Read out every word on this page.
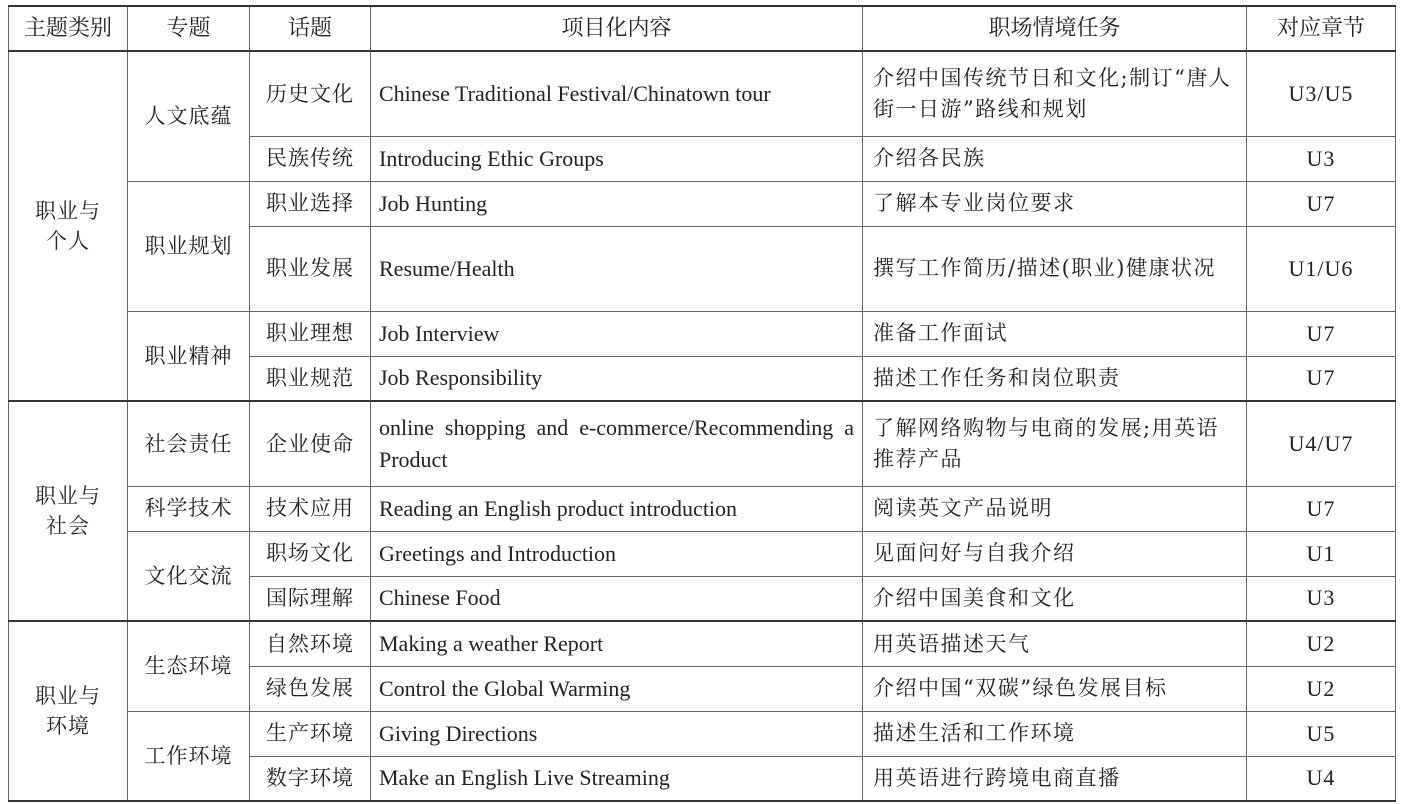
主题类别	专题	话题	项目化内容	职场情境任务	对应章节

职业与
个人	人文底蕴	历史文化	Chinese Traditional Festival/Chinatown tour	介绍中国传统节日和文化;制订“唐人街一日游”路线和规划	U3/U5
		民族传统	Introducing Ethic Groups	介绍各民族	U3
	职业规划	职业选择	Job Hunting	了解本专业岗位要求	U7
		职业发展	Resume/Health	撰写工作简历/描述(职业)健康状况	U1/U6
	职业精神	职业理想	Job Interview	准备工作面试	U7
		职业规范	Job Responsibility	描述工作任务和岗位职责	U7

职业与
社会	社会责任	企业使命	online shopping and e-commerce/Recommending a Product	了解网络购物与电商的发展;用英语推荐产品	U4/U7
	科学技术	技术应用	Reading an English product introduction	阅读英文产品说明	U7
	文化交流	职场文化	Greetings and Introduction	见面问好与自我介绍	U1
		国际理解	Chinese Food	介绍中国美食和文化	U3

职业与
环境	生态环境	自然环境	Making a weather Report	用英语描述天气	U2
		绿色发展	Control the Global Warming	介绍中国“双碳”绿色发展目标	U2
	工作环境	生产环境	Giving Directions	描述生活和工作环境	U5
		数字环境	Make an English Live Streaming	用英语进行跨境电商直播	U4
